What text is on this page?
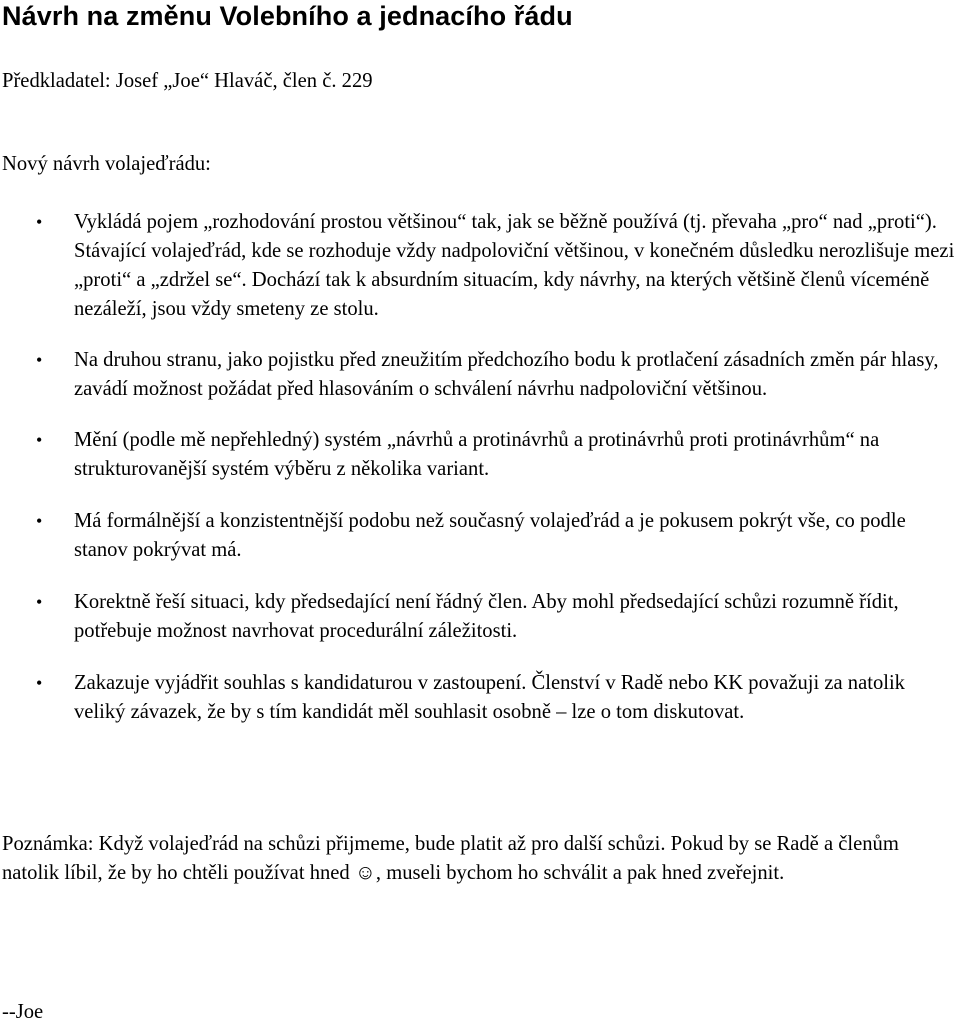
Návrh na změnu Volebního a jednacího řádu

Předkladatel: Josef „Joe“ Hlaváč, člen č. 229

Nový návrh volajeďrádu:

• Vykládá pojem „rozhodování prostou většinou“ tak, jak se běžně používá (tj. převaha „pro“ nad „proti“). Stávající volajeďrád, kde se rozhoduje vždy nadpoloviční většinou, v konečném důsledku nerozlišuje mezi „proti“ a „zdržel se“. Dochází tak k absurdním situacím, kdy návrhy, na kterých většině členů víceméně nezáleží, jsou vždy smeteny ze stolu.
• Na druhou stranu, jako pojistku před zneužitím předchozího bodu k protlačení zásadních změn pár hlasy, zavádí možnost požádat před hlasováním o schválení návrhu nadpoloviční většinou.
• Mění (podle mě nepřehledný) systém „návrhů a protinávrhů a protinávrhů proti protinávrhům“ na strukturovanější systém výběru z několika variant.
• Má formálnější a konzistentnější podobu než současný volajeďrád a je pokusem pokrýt vše, co podle stanov pokrývat má.
• Korektně řeší situaci, kdy předsedající není řádný člen. Aby mohl předsedající schůzi rozumně řídit, potřebuje možnost navrhovat procedurální záležitosti.
• Zakazuje vyjádřit souhlas s kandidaturou v zastoupení. Členství v Radě nebo KK považuji za natolik veliký závazek, že by s tím kandidát měl souhlasit osobně – lze o tom diskutovat.

Poznámka: Když volajeďrád na schůzi přijmeme, bude platit až pro další schůzi. Pokud by se Radě a členům natolik líbil, že by ho chtěli používat hned ☺, museli bychom ho schválit a pak hned zveřejnit.

--Joe
